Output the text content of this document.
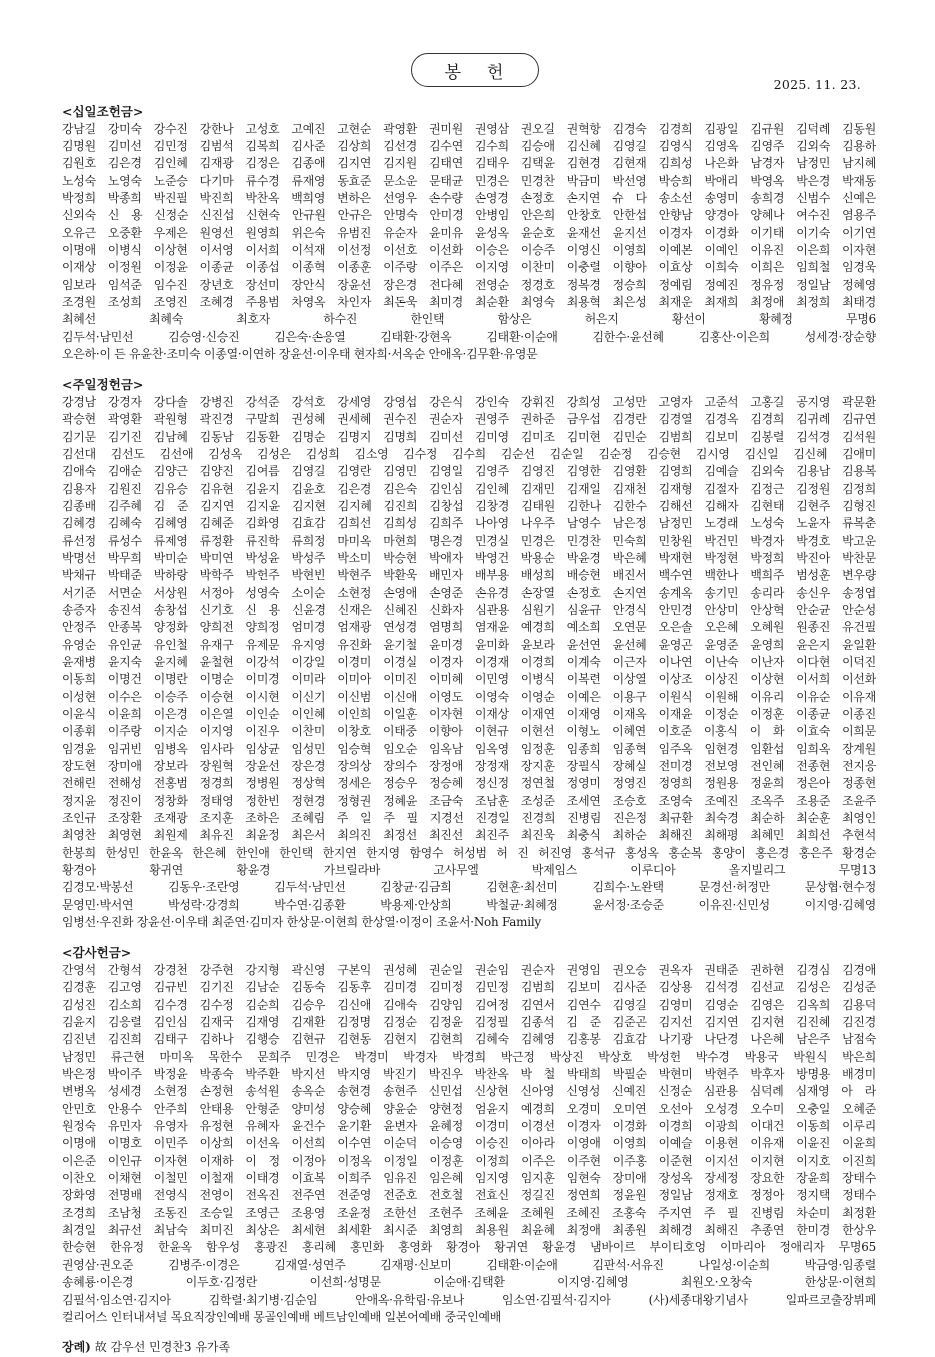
봉 헌
2025. 11. 23.
<십일조헌금>
강남길 강미숙 강수진 강한나 고성호 고예진 고현순 곽영환 권미원 권영삼 권오길 권혁항 김경숙 김경희 김광일 김규원 김덕례 김동원
김명원 김미선 김민정 김범석 김복희 김사준 김상희 김선경 김수연 김수희 김승애 김신혜 김영길 김영식 김영옥 김영주 김외숙 김용하
김원호 김은경 김인혜 김재광 김정은 김종애 김지연 김지원 김태연 김태우 김택윤 김현경 김현재 김희성 나은화 남경자 남정민 남지혜
노성숙 노영숙 노준승 다기마 류수경 류재영 동효준 문소운 문태균 민경은 민경찬 박금미 박선영 박승희 박애리 박영옥 박은경 박재동
박정희 박종희 박진필 박진희 박찬옥 백희영 변하은 선영우 손수량 손영경 손정호 손지연 슈 다 송소선 송영미 송희경 신범수 신예은
신외숙 신 용 신정순 신진섭 신현숙 안규원 안규은 안명숙 안미경 안병임 안은희 안창호 안한섭 안향남 양경아 양혜나 여수진 염용주
오유근 오중환 우제은 원영선 원영희 위은숙 유범진 유순자 윤미유 윤성옥 윤순호 윤재선 윤지선 이경자 이경화 이기태 이기숙 이기연
이명애 이병식 이상현 이서영 이서희 이석재 이선정 이선호 이선화 이승은 이승주 이영신 이영희 이예본 이예인 이유진 이은희 이자현
이재상 이정원 이정윤 이종균 이종섭 이종혁 이종훈 이주랑 이주은 이지영 이찬미 이충렬 이향아 이효상 이희숙 이희은 임희철 임경욱
임보라 임석준 임수진 장년호 장선미 장안식 장윤선 장은경 전다혜 전영순 정경호 정복경 정승희 정예림 정예진 정유정 정일남 정혜영
조경원 조성희 조영진 조혜경 주용범 차영옥 차인자 최돈욱 최미경 최순환 최영숙 최용혁 최은성 최재운 최재희 최정애 최정희 최태경
최혜선 최혜숙 최호자 하수진 한인택 함상은 허은지 황선이 황혜정 무명6
김두석·남민선 김승영·신승진 김은숙·손응열 김태환·강현옥 김태환·이순애 김한수·윤선혜 김홍산·이은희 성세경·장순향
오은하·이 든 유윤찬·조미숙 이종열·이연하 장윤선·이우태 현자희·서옥순 안애옥·김무환·유영문
<주일정헌금>
강경남 강경자 강다솔 강병진 강석준 강석호 강세영 강영섭 강은식 강인숙 강휘진 강희성 고성만 고영자 고준석 고홍길 공지영 곽문환
곽승현 곽영환 곽원형 곽진경 구말희 권성혜 권세혜 권수진 권순자 권영주 권하준 금우섭 김경란 김경열 김경옥 김경희 김귀례 김규연
김기문 김기진 김남혜 김동남 김동환 김명순 김명지 김명희 김미선 김미영 김미조 김미현 김민순 김범희 김보미 김봉렬 김석경 김석원
김선대 김선도 김선애 김성옥 김성은 김성희 김소영 김수정 김수희 김순선 김순일 김순정 김승현 김시영 김신일 김신혜 김애미
김애숙 김애순 김양근 김양진 김여름 김영길 김영란 김영민 김영일 김영주 김영진 김영한 김영환 김영희 김예슬 김외숙 김용남 김용복
김용자 김원진 김유승 김유현 김윤지 김윤호 김은경 김은숙 김인심 김인혜 김재민 김재일 김재천 김재형 김절자 김정근 김정원 김정희
김종배 김주혜 김 준 김지연 김지윤 김지현 김지혜 김진희 김창섭 김창경 김태원 김한나 김한수 김해선 김해자 김현태 김현주 김형진
김혜경 김혜숙 김혜영 김혜준 김화영 김효감 김희선 김희성 김희주 나아영 나우주 남영수 남은정 남정민 노경래 노성숙 노윤자 류복춘
류선정 류성수 류제영 류정환 류진학 류희정 마미옥 마현희 명은경 민경실 민경은 민경찬 민숙희 민창원 박건민 박경자 박경호 박고운
박명선 박무희 박미순 박미연 박성윤 박성주 박소미 박승현 박애자 박영건 박용순 박윤경 박은혜 박재현 박정현 박정희 박진아 박찬문
박채규 박태준 박하랑 박학주 박헌주 박현빈 박현주 박환욱 배민자 배부용 배성희 배승현 배진서 백수연 백한나 백희주 범성훈 변우량
서기준 서면순 서상원 서정아 성영숙 소이순 소현정 손영애 손영준 손유경 손장열 손정호 손지연 송계옥 송기민 송리라 송신우 송정엽
송증자 송진석 송창섭 신기호 신 용 신윤경 신재은 신혜진 신화자 심관용 심원기 심윤규 안경식 안민경 안상미 안상혁 안순균 안순성
안정주 안종복 양정화 양희전 양희정 엄미경 엄재광 연성경 염명희 염재윤 예경희 예소희 오연문 오은솔 오은혜 오혜원 원종진 유건필
유영순 유인균 유인철 유재구 유제문 유지영 유진화 윤기철 윤미경 윤미화 윤보라 윤선연 윤선혜 윤영곤 윤영준 윤영희 윤은지 윤일환
윤재병 윤지숙 윤지혜 윤철현 이강석 이강일 이경미 이경실 이경자 이경재 이경희 이계숙 이근자 이나연 이난숙 이난자 이다현 이덕진
이동희 이명건 이명란 이명순 이미경 이미라 이미아 이미진 이미혜 이민영 이병식 이복련 이상열 이상조 이상진 이상현 이서희 이선화
이성현 이수은 이승주 이승현 이시현 이신기 이신범 이신애 이영도 이영숙 이영순 이예은 이용구 이원식 이원해 이유리 이유순 이유재
이윤식 이윤희 이은경 이은열 이인순 이인혜 이인희 이일훈 이자현 이재상 이재연 이재영 이재옥 이재윤 이정순 이정훈 이종균 이종진
이종휘 이주랑 이지순 이지영 이진우 이찬미 이창호 이태중 이향아 이현규 이현선 이형노 이혜연 이호준 이홍식 이 화 이효숙 이희문
임경윤 임귀빈 임병옥 임사라 임상균 임성민 임승혁 임오순 임옥남 임옥영 임정훈 임종희 임종혁 임주옥 임현경 임환섭 임희옥 장계원
장도현 장미애 장보라 장원혁 장윤선 장은경 장의상 장의수 장정애 장정재 장지훈 장필식 장혜실 전미경 전보영 전인혜 전종현 전지응
전해린 전해성 전홍범 정경희 정병원 정상혁 정세은 정승우 정승혜 정신정 정연철 정영미 정영진 정영희 정원용 정윤희 정은아 정종현
정지윤 정진이 정창화 정태영 정한빈 정현경 정형권 정혜윤 조금숙 조남훈 조성준 조세연 조승호 조영숙 조예진 조옥주 조용준 조윤주
조인규 조장환 조재광 조지훈 조하은 조혜림 주 일 주 필 지경선 진경일 진경희 진병림 진은정 최규환 최숙경 최순하 최순훈 최영인
최영찬 최영현 최원제 최유진 최윤정 최은서 최의진 최정선 최진선 최진주 최진욱 최충식 최하순 최해진 최해평 최혜민 최희선 추현석
한봉희 한성민 한윤옥 한은혜 한인애 한인택 한지연 한지영 함영수 허성범 허 진 허진영 홍석규 홍성옥 홍순복 홍양이 홍은경 홍은주 황경순
황경아 황귀연 황윤경 가브릴라바 고사무엘 박제임스 이루디아 올지빌리그 무명13
김경모·박봉선 김동우·조란영 김두석·남민선 김창균·김금희 김현훈·최선미 김희수·노완택 문경선·허정만 문상협·현수정
문영민·박서연 박성락·강경희 박수연·김종환 박용제·안상희 박철균·최혜정 윤서정·조승준 이유진·신민성 이지영·김혜영
임병선·우진화 장윤선·이우태 최준연·김미자 한상문·이현희 한상열·이정이 조윤서·Noh Family
<감사헌금>
간영석 간형석 강경천 강주현 강지형 곽신영 구본익 권성혜 권순일 권순임 권순자 권영임 권오승 권옥자 권태준 권하현 김경심 김경애
김경훈 김고영 김규빈 김기진 김남순 김동숙 김동후 김미경 김미정 김민정 김범희 김보미 김사준 김상용 김석경 김선교 김성은 김성준
김성진 김소희 김수경 김수정 김순희 김승우 김신애 김애숙 김양임 김여정 김연서 김연수 김영길 김영미 김영순 김영은 김옥희 김용덕
김윤지 김응렬 김인심 김재국 김재영 김재환 김정명 김정순 김정윤 김정필 김종석 김 준 김준곤 김지선 김지연 김지현 김진혜 김진경
김진년 김진희 김태구 김하나 김행승 김현규 김현동 김현지 김현희 김혜숙 김혜영 김홍봉 김효감 나기광 나단경 나은혜 남은주 남점숙
남정민 류근현 마미옥 목한수 문희주 민경은 박경미 박경자 박경희 박근정 박상진 박상호 박성헌 박수경 박용국 박원식 박은희
박은정 박이주 박정윤 박종숙 박주환 박지선 박지영 박진기 박진우 박찬옥 박 철 박태희 박필순 박현미 박현주 박후자 방명용 배경미
변병옥 성세경 소현정 손정현 송석원 송옥순 송현경 송현주 신민섭 신상현 신아영 신영성 신예진 신정순 심관용 심덕례 심재영 아 라
안민호 안용수 안주희 안태용 안형준 양미성 양승혜 양윤순 양현정 엄윤지 예경희 오경미 오미연 오선아 오성경 오수미 오충일 오혜준
원정숙 유민자 유영자 유정현 유혜자 윤건수 윤기환 윤변자 윤혜정 이경미 이경선 이경자 이경화 이경희 이광희 이대건 이동희 이루리
이명애 이명호 이민주 이상희 이선옥 이선희 이수연 이순덕 이승영 이승진 이아라 이영애 이영희 이예슬 이용현 이유재 이윤진 이윤희
이은준 이인규 이자현 이재하 이 정 이정아 이정옥 이정일 이정훈 이정희 이주은 이주현 이주홍 이준현 이지선 이지현 이지호 이진희
이찬오 이채현 이철민 이철재 이태경 이효복 이희주 임유진 임은혜 임지영 임지훈 임현숙 장미애 장성옥 장세정 장요한 장윤희 장태수
장화영 전명배 전영식 전영이 전옥진 전주연 전준영 전준호 전호철 전효신 정길진 정연희 정윤원 정일남 정재호 정정아 정지택 정태수
조경희 조남청 조동진 조승일 조영근 조용영 조윤정 조한선 조현주 조혜윤 조혜원 조혜진 조홍숙 주지연 주 필 진병림 차순미 최정환
최경일 최규선 최남숙 최미진 최상은 최세현 최세환 최시준 최영희 최용원 최윤혜 최정애 최종원 최해경 최해진 추종연 한미경 한상우
한승현 한유정 한윤옥 함우성 홍광진 홍리혜 홍민화 홍영화 황경아 황귀연 황윤경 냄바이르 부이티호엉 이마리아 정애리자 무명65
권영삼·권오준 김병주·이경은 김재열·성연주 김재평·신보미 김태환·이순애 김판석·서유진 나일성·이순희 박금영·임종렬
송혜룡·이은경 이두호·김정란 이선희·성명문 이순애·김택환 이지영·김혜영 최원오·오창숙 한상문·이현희
김필석·임소연·김지아 김학렬·최기병·김순임 안애옥·유학림·유보나 임소연·김필석·김지아 (사)세종대왕기념사 일파르코출장뷔페
컬리어스 인터내셔널 목요직장인예배 몽골인예배 베트남인예배 일본어예배 중국인예배
장례) 故 감우선 민경찬3 유가족
